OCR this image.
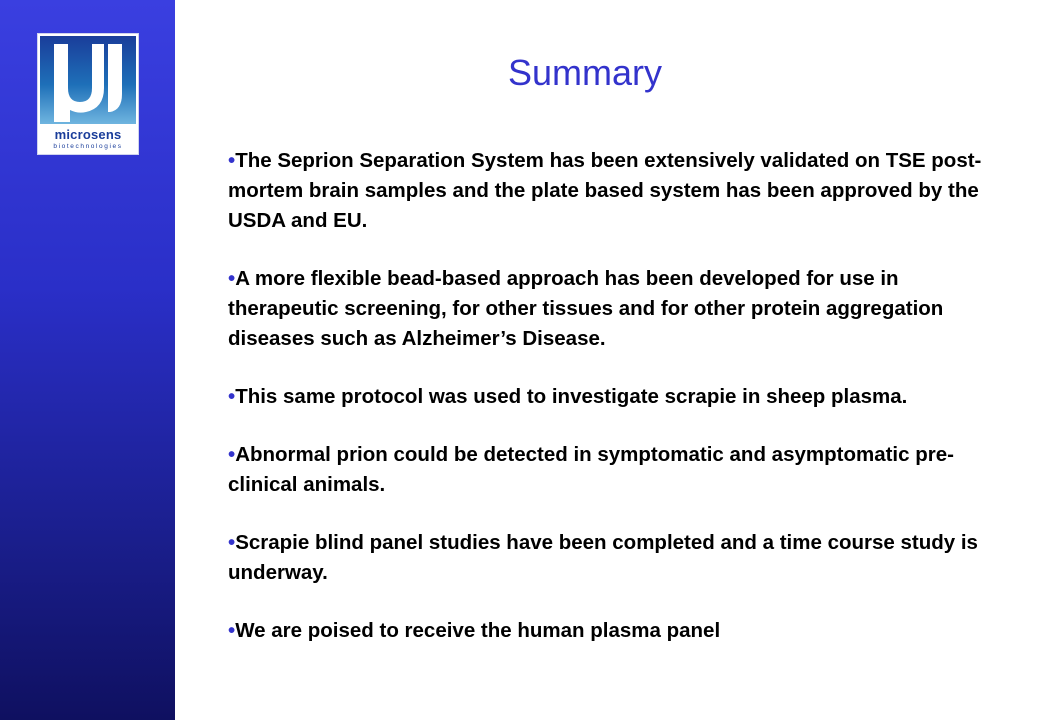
microsens
biotechnologies
Summary
•The Seprion Separation System has been extensively validated on TSE post-mortem brain samples and the plate based system has been approved by the USDA and EU.
•A more flexible bead-based approach has been developed for use in therapeutic screening, for other tissues and for other protein aggregation diseases such as Alzheimer’s Disease.
•This same protocol was used to investigate scrapie in sheep plasma.
•Abnormal prion could be detected in symptomatic and asymptomatic pre-clinical animals.
•Scrapie blind panel studies have been completed and a time course study is underway.
•We are poised to receive the human plasma panel
